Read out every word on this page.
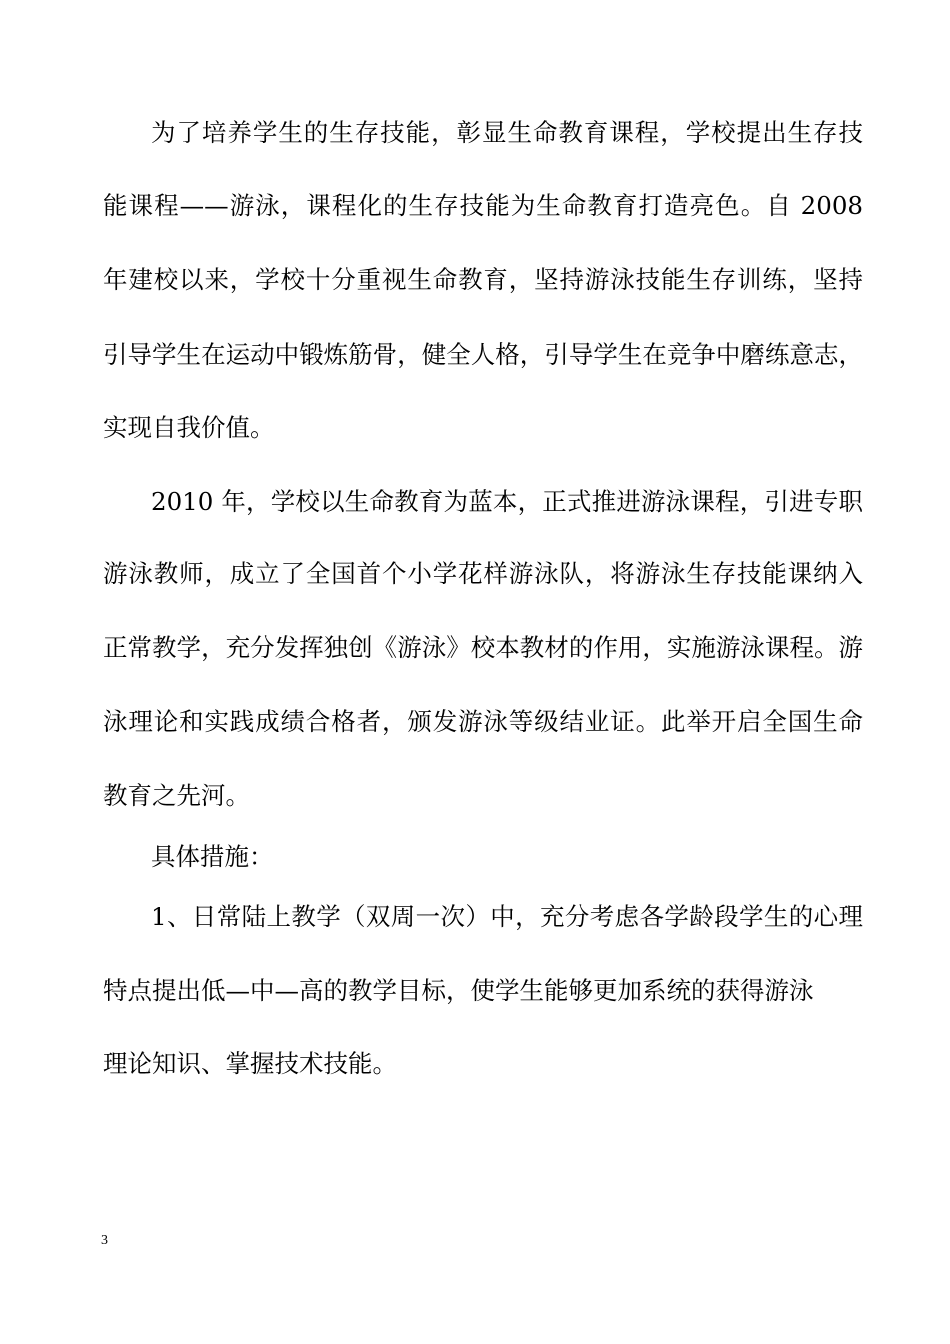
为了培养学生的生存技能，彰显生命教育课程，学校提出生存技
能课程——游泳，课程化的生存技能为生命教育打造亮色。自 2008
年建校以来，学校十分重视生命教育，坚持游泳技能生存训练，坚持
引导学生在运动中锻炼筋骨，健全人格，引导学生在竞争中磨练意志，
实现自我价值。
2010 年，学校以生命教育为蓝本，正式推进游泳课程，引进专职
游泳教师，成立了全国首个小学花样游泳队，将游泳生存技能课纳入
正常教学，充分发挥独创《游泳》校本教材的作用，实施游泳课程。游
泳理论和实践成绩合格者，颁发游泳等级结业证。此举开启全国生命
教育之先河。
具体措施：
1、日常陆上教学（双周一次）中，充分考虑各学龄段学生的心理
特点提出低—中—高的教学目标，使学生能够更加系统的获得游泳
理论知识、掌握技术技能。
3
